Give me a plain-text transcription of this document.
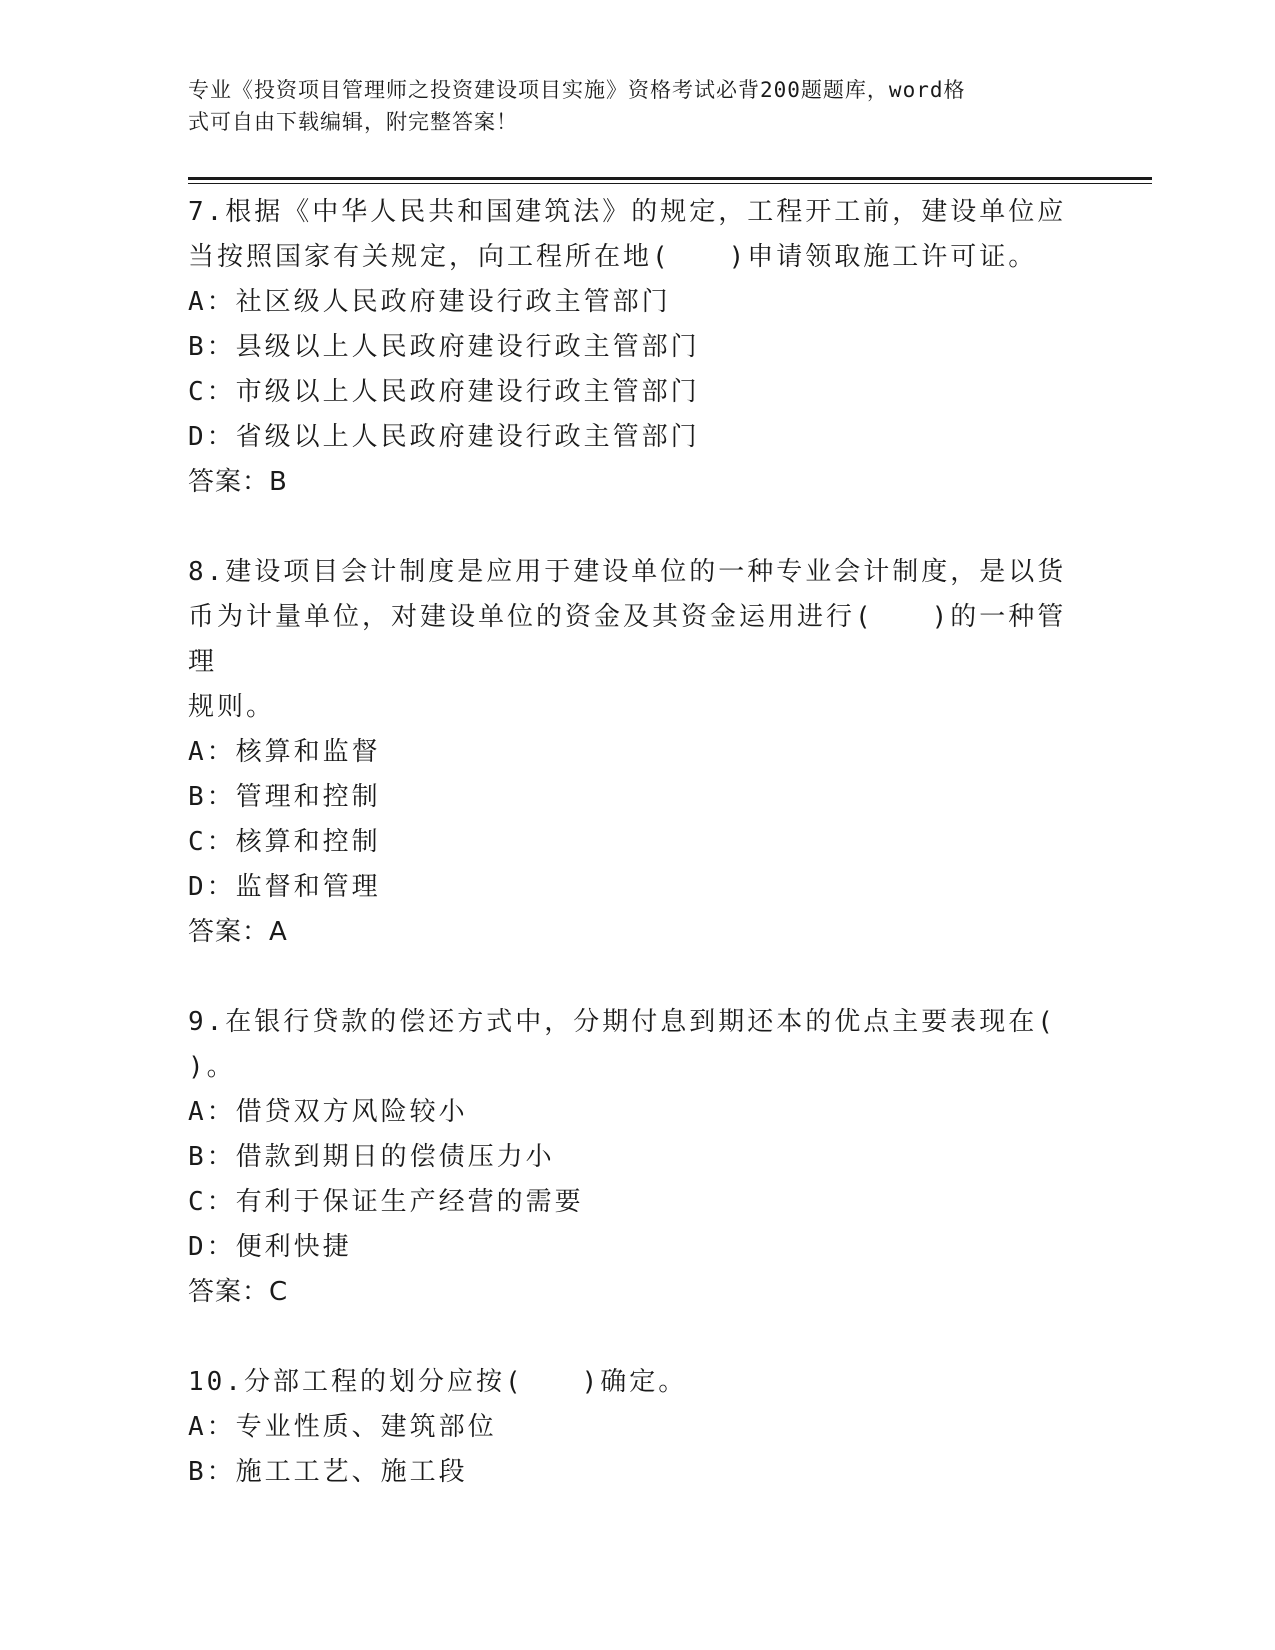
专业《投资项目管理师之投资建设项目实施》资格考试必背200题题库，word格
式可自由下载编辑，附完整答案！

7.根据《中华人民共和国建筑法》的规定，工程开工前，建设单位应

当按照国家有关规定，向工程所在地(　　)申请领取施工许可证。

A：社区级人民政府建设行政主管部门

B：县级以上人民政府建设行政主管部门

C：市级以上人民政府建设行政主管部门

D：省级以上人民政府建设行政主管部门

答案：B

8.建设项目会计制度是应用于建设单位的一种专业会计制度，是以货

币为计量单位，对建设单位的资金及其资金运用进行(　　)的一种管理

规则。

A：核算和监督

B：管理和控制

C：核算和控制

D：监督和管理

答案：A

9.在银行贷款的偿还方式中，分期付息到期还本的优点主要表现在(

)。

A：借贷双方风险较小

B：借款到期日的偿债压力小

C：有利于保证生产经营的需要

D：便利快捷

答案：C

10.分部工程的划分应按(　　)确定。

A：专业性质、建筑部位

B：施工工艺、施工段
